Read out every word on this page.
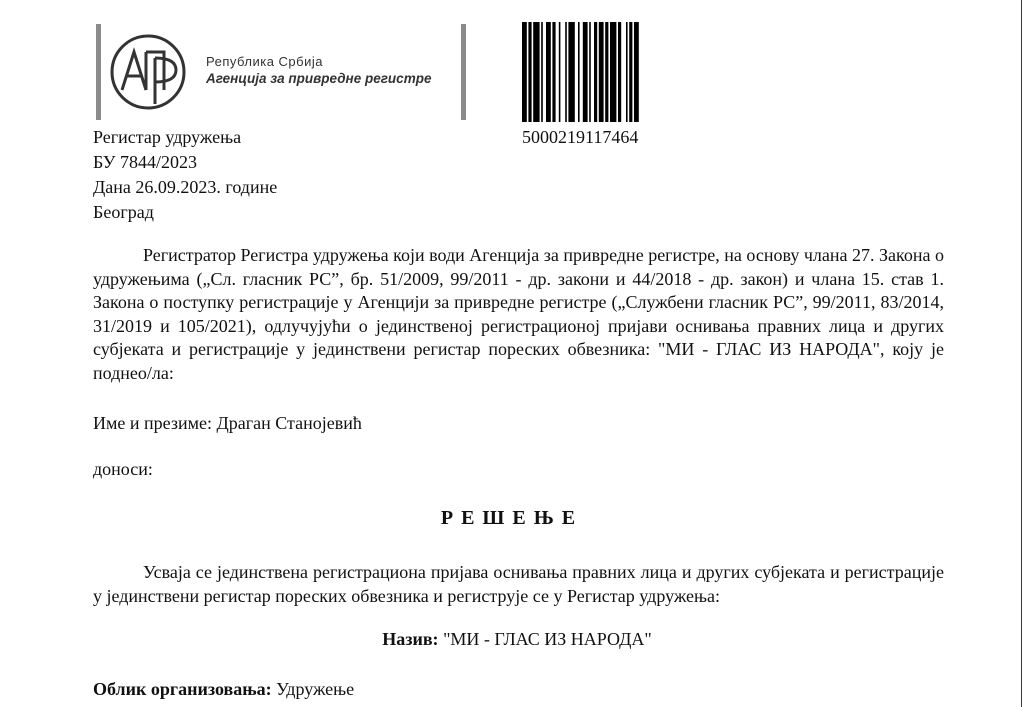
Република Србија
Агенција за привредне регистре
5000219117464
Регистар удружења
БУ 7844/2023
Дана 26.09.2023. године
Београд
Регистратор Регистра удружења који води Агенција за привредне регистре, на основу члана 27. Закона о удружењима („Сл. гласник РС”, бр. 51/2009, 99/2011 - др. закони и 44/2018 - др. закон) и члана 15. став 1. Закона о поступку регистрације у Агенцији за привредне регистре („Службени гласник РС”, 99/2011, 83/2014, 31/2019 и 105/2021), одлучујући о јединственој регистрационој пријави оснивања правних лица и других субјеката и регистрације у јединствени регистар пореских обвезника: "МИ - ГЛАС ИЗ НАРОДА", коју је поднео/ла:
Име и презиме: Драган Станојевић
доноси:
РЕШЕЊЕ
Усваја се јединствена регистрациона пријава оснивања правних лица и других субјеката и регистрације у јединствени регистар пореских обвезника и региструје се у Регистар удружења:
Назив: "МИ - ГЛАС ИЗ НАРОДА"
Облик организовања: Удружење
